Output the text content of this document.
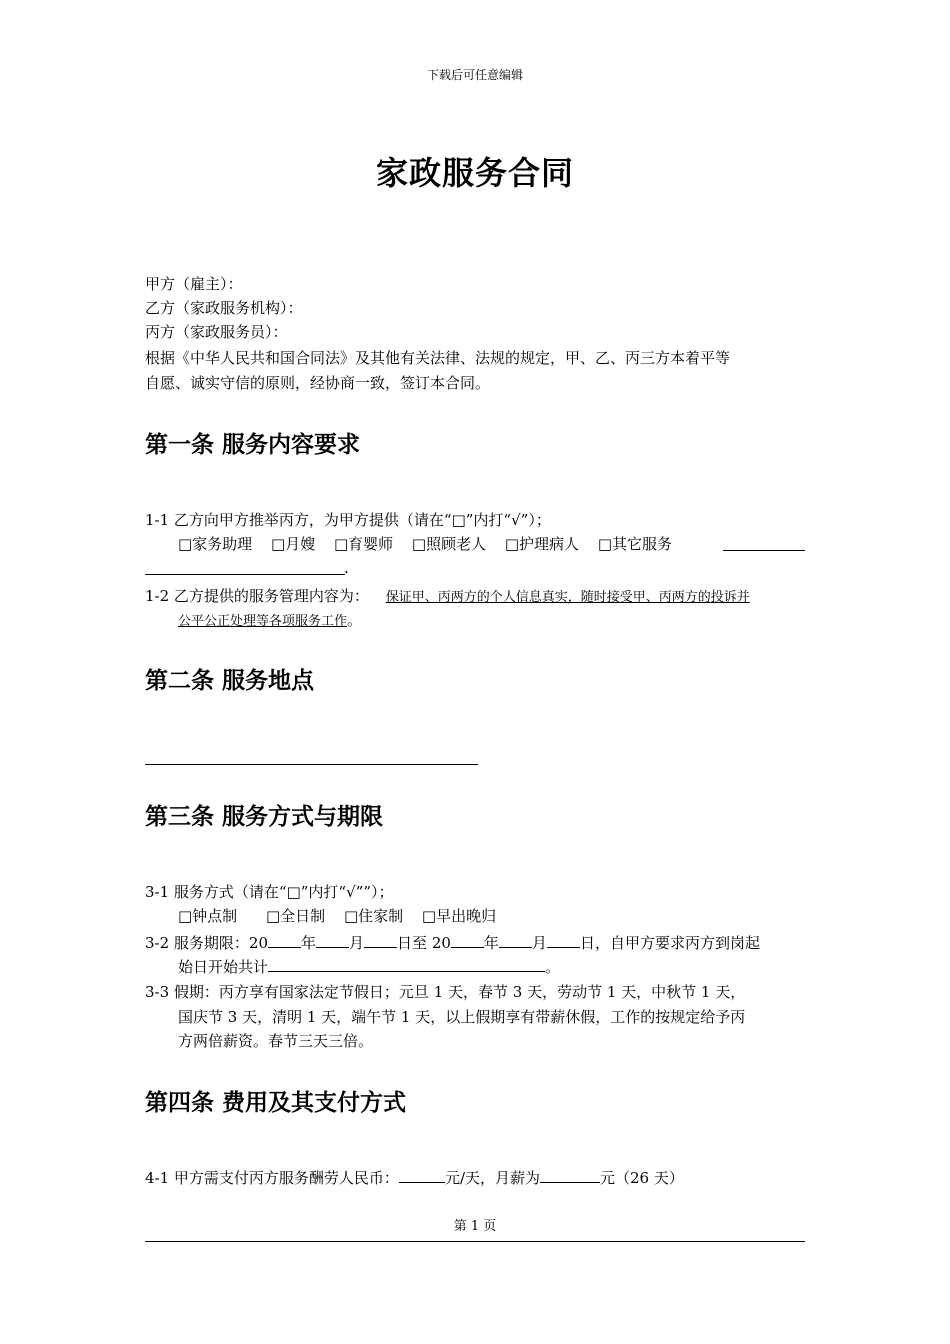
下载后可任意编辑
家政服务合同
甲方（雇主）：
乙方（家政服务机构）：
丙方（家政服务员）：
根据《中华人民共和国合同法》及其他有关法律、法规的规定，甲、乙、丙三方本着平等
自愿、诚实守信的原则，经协商一致，签订本合同。
第一条 服务内容要求
1-1 乙方向甲方推举丙方，为甲方提供（请在“□”内打“√”）；
□家务助理 □月嫂 □育婴师 □照顾老人 □护理病人 □其它服务
.
1-2 乙方提供的服务管理内容为： 保证甲、丙两方的个人信息真实，随时接受甲、丙两方的投诉并
公平公正处理等各项服务工作。
第二条 服务地点
第三条 服务方式与期限
3-1 服务方式（请在“□”内打“√””）；
□钟点制 □全日制 □住家制 □早出晚归
3-2 服务期限：20 年 月 日至 20 年 月 日，自甲方要求丙方到岗起
始日开始共计	。
3-3 假期：丙方享有国家法定节假日；元旦 1 天，春节 3 天，劳动节 1 天，中秋节 1 天，
国庆节 3 天，清明 1 天，端午节 1 天，以上假期享有带薪休假，工作的按规定给予丙
方两倍薪资。春节三天三倍。
第四条 费用及其支付方式
4-1 甲方需支付丙方服务酬劳人民币：	元/天，月薪为	元（26 天）
第 1 页
